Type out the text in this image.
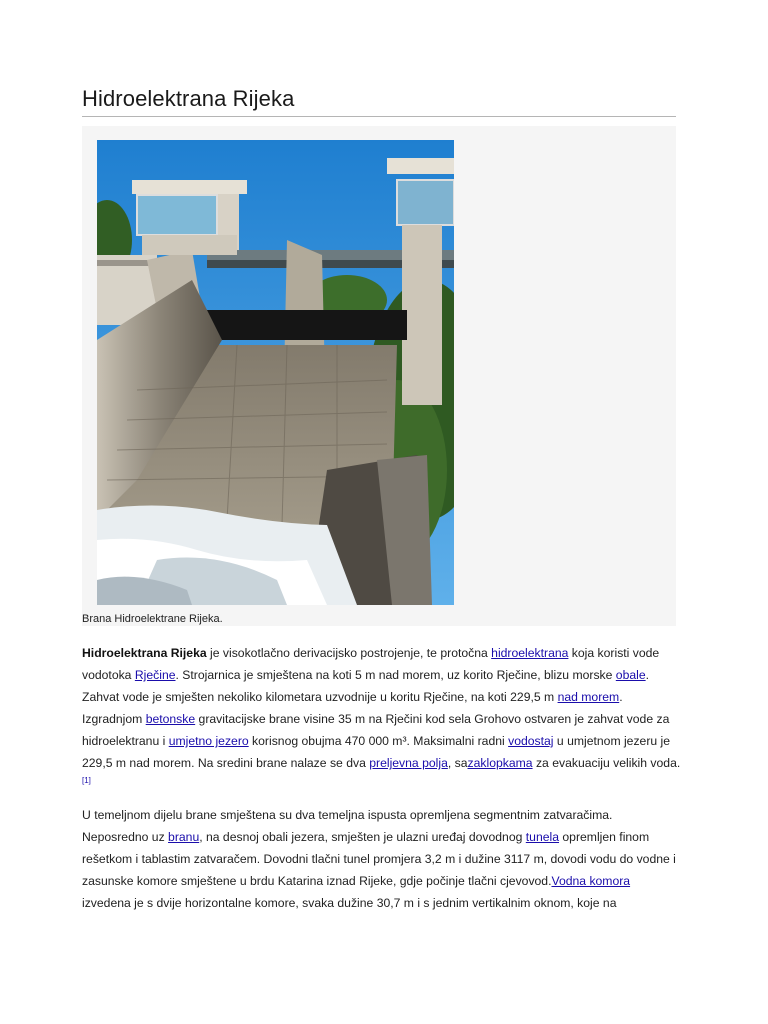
Hidroelektrana Rijeka
Brana Hidroelektrane Rijeka.

Hidroelektrana Rijeka je visokotlačno derivacijsko postrojenje, te protočna hidroelektrana koja koristi vode vodotoka Rječine. Strojarnica je smještena na koti 5 m nad morem, uz korito Rječine, blizu morske obale. Zahvat vode je smješten nekoliko kilometara uzvodnije u koritu Rječine, na koti 229,5 m nad morem. Izgradnjom betonske gravitacijske brane visine 35 m na Rječini kod sela Grohovo ostvaren je zahvat vode za hidroelektranu i umjetno jezero korisnog obujma 470 000 m³. Maksimalni radni vodostaj u umjetnom jezeru je 229,5 m nad morem. Na sredini brane nalaze se dva preljevna polja, sazaklopkama za evakuaciju velikih voda. [1]

U temeljnom dijelu brane smještena su dva temeljna ispusta opremljena segmentnim zatvaračima. Neposredno uz branu, na desnoj obali jezera, smješten je ulazni uređaj dovodnog tunela opremljen finom rešetkom i tablastim zatvaračem. Dovodni tlačni tunel promjera 3,2 m i dužine 3117 m, dovodi vodu do vodne i zasunske komore smještene u brdu Katarina iznad Rijeke, gdje počinje tlačni cjevovod.Vodna komora izvedena je s dvije horizontalne komore, svaka dužine 30,7 m i s jednim vertikalnim oknom, koje na
